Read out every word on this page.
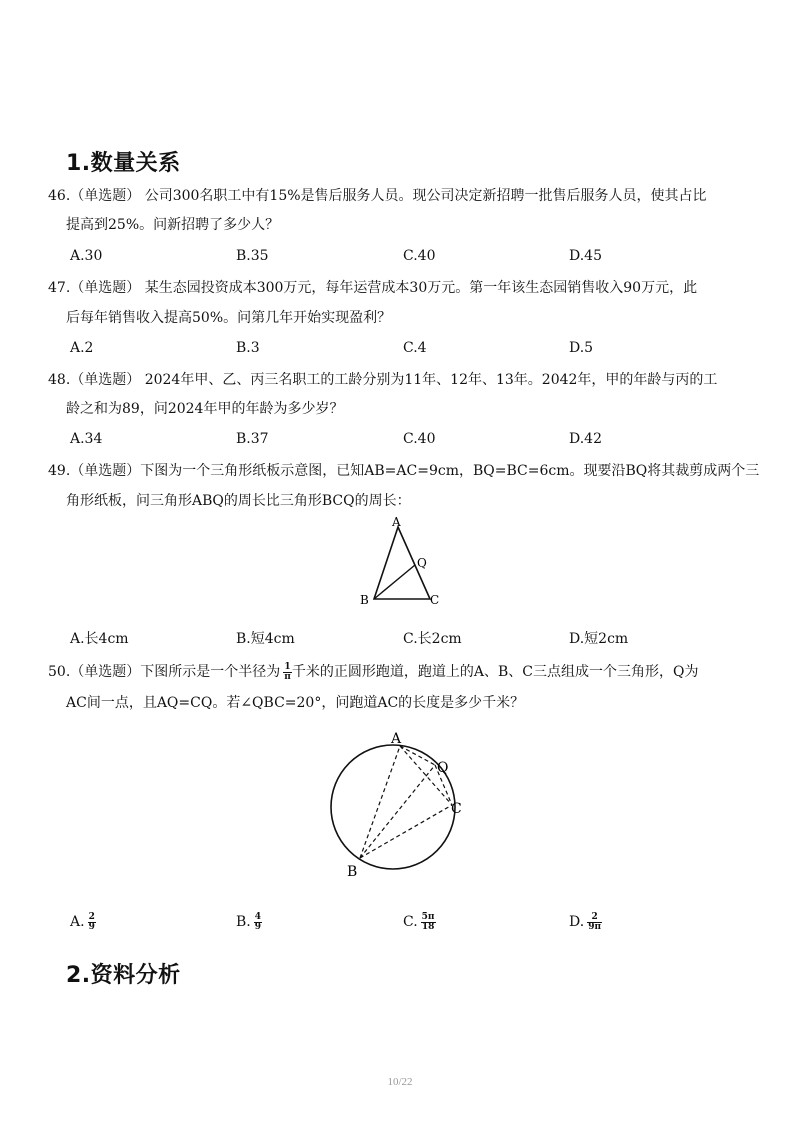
1.数量关系
46.（单选题） 公司300名职工中有15%是售后服务人员。现公司决定新招聘一批售后服务人员，使其占比
提高到25%。问新招聘了多少人？
A.30	B.35	C.40	D.45
47.（单选题） 某生态园投资成本300万元，每年运营成本30万元。第一年该生态园销售收入90万元，此
后每年销售收入提高50%。问第几年开始实现盈利？
A.2	B.3	C.4	D.5
48.（单选题） 2024年甲、乙、丙三名职工的工龄分别为11年、12年、13年。2042年，甲的年龄与丙的工
龄之和为89，问2024年甲的年龄为多少岁？
A.34	B.37	C.40	D.42
49.（单选题）下图为一个三角形纸板示意图，已知AB=AC=9cm，BQ=BC=6cm。现要沿BQ将其裁剪成两个三
角形纸板，问三角形ABQ的周长比三角形BCQ的周长：
A
Q
B	C
A.长4cm	B.短4cm	C.长2cm	D.短2cm
50.（单选题）下图所示是一个半径为 $\frac{1}{\pi}$ 千米的正圆形跑道，跑道上的A、B、C三点组成一个三角形，Q为
AC间一点，且AQ=CQ。若∠QBC=20°，问跑道AC的长度是多少千米？
A
Q
C
B
A. $\frac{2}{9}$	B. $\frac{4}{9}$	C. $\frac{5\pi}{18}$	D. $\frac{2}{9\pi}$
2.资料分析
10/22
